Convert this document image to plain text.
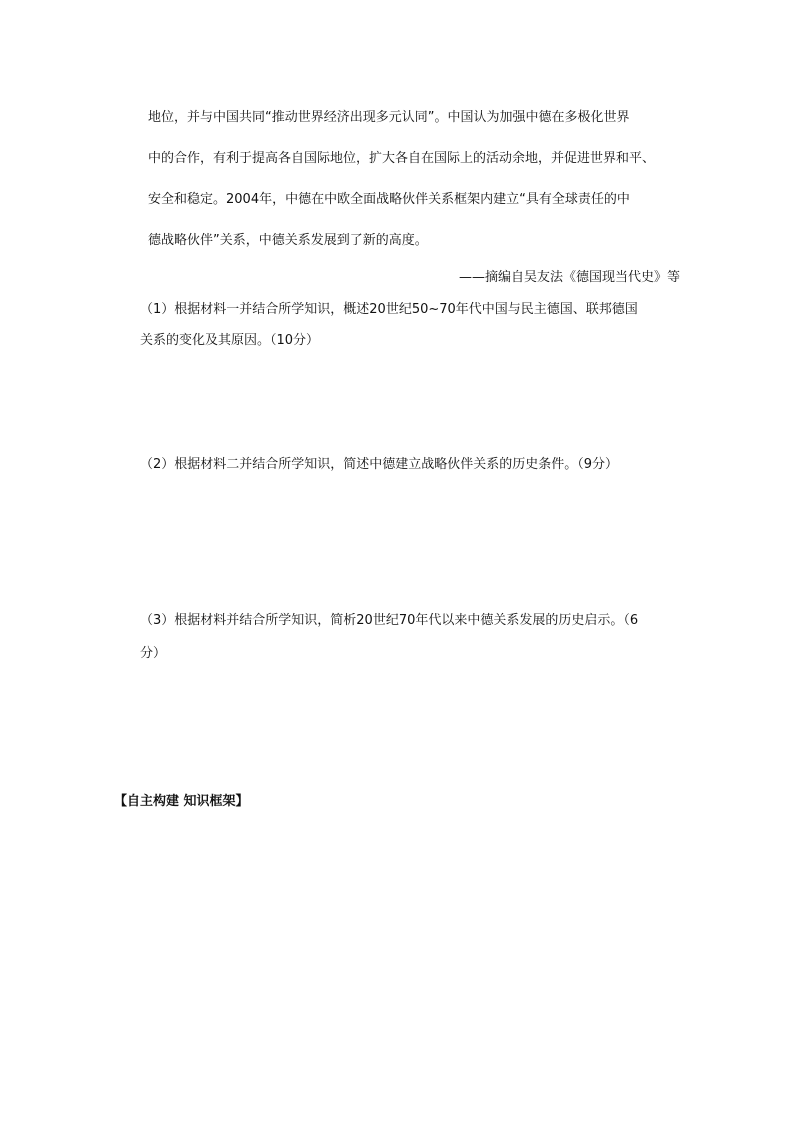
地位，并与中国共同“推动世界经济出现多元认同”。中国认为加强中德在多极化世界
中的合作，有利于提高各自国际地位，扩大各自在国际上的活动余地，并促进世界和平、
安全和稳定。2004年，中德在中欧全面战略伙伴关系框架内建立“具有全球责任的中
德战略伙伴”关系，中德关系发展到了新的高度。
——摘编自吴友法《德国现当代史》等
（1）根据材料一并结合所学知识，概述20世纪50~70年代中国与民主德国、联邦德国
关系的变化及其原因。（10分）
（2）根据材料二并结合所学知识，简述中德建立战略伙伴关系的历史条件。（9分）
（3）根据材料并结合所学知识，简析20世纪70年代以来中德关系发展的历史启示。（6
分）
【自主构建 知识框架】
